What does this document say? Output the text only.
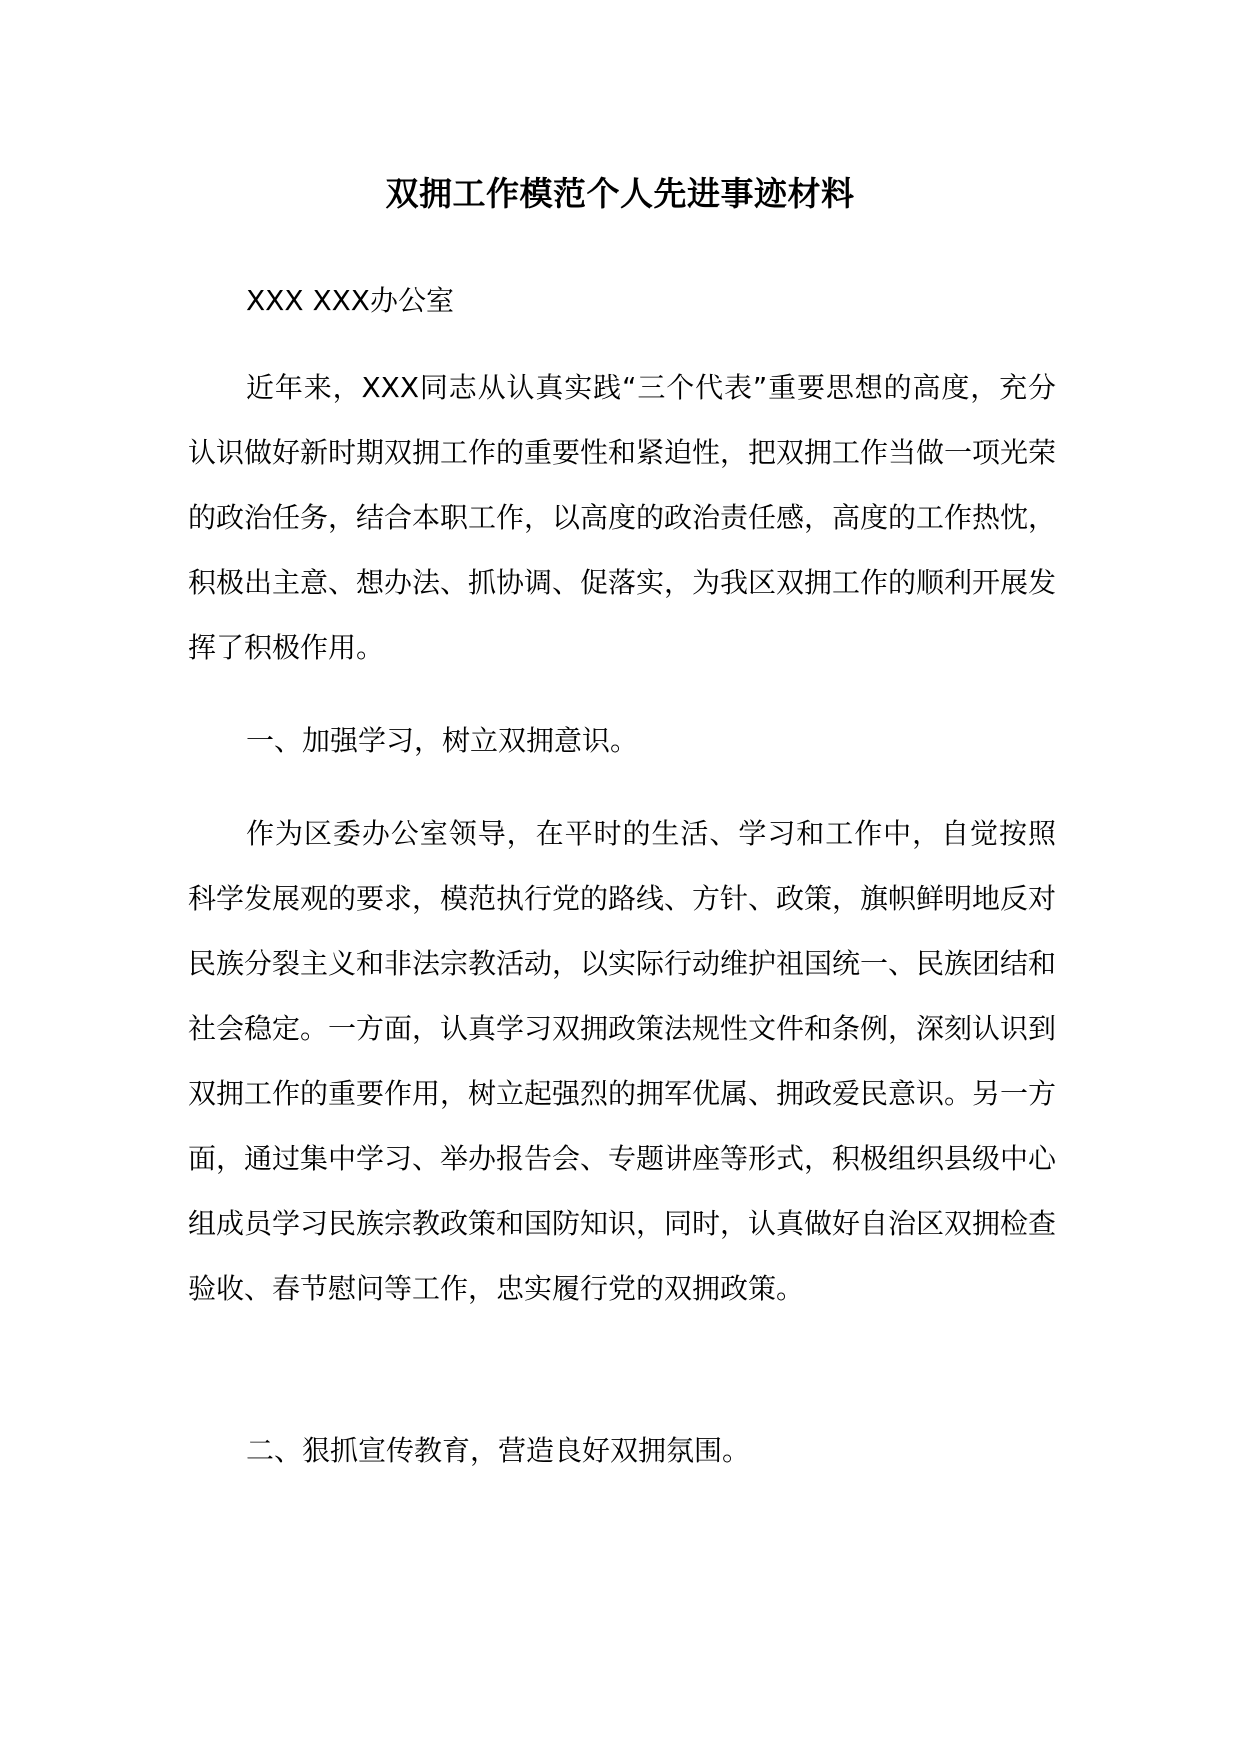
双拥工作模范个人先进事迹材料
XXX XXX办公室
近年来，XXX同志从认真实践“三个代表”重要思想的高度，充分认识做好新时期双拥工作的重要性和紧迫性，把双拥工作当做一项光荣的政治任务，结合本职工作，以高度的政治责任感，高度的工作热忱，积极出主意、想办法、抓协调、促落实，为我区双拥工作的顺利开展发挥了积极作用。
一、加强学习，树立双拥意识。
作为区委办公室领导，在平时的生活、学习和工作中，自觉按照科学发展观的要求，模范执行党的路线、方针、政策，旗帜鲜明地反对民族分裂主义和非法宗教活动，以实际行动维护祖国统一、民族团结和社会稳定。一方面，认真学习双拥政策法规性文件和条例，深刻认识到双拥工作的重要作用，树立起强烈的拥军优属、拥政爱民意识。另一方面，通过集中学习、举办报告会、专题讲座等形式，积极组织县级中心组成员学习民族宗教政策和国防知识，同时，认真做好自治区双拥检查验收、春节慰问等工作，忠实履行党的双拥政策。
二、狠抓宣传教育，营造良好双拥氛围。
